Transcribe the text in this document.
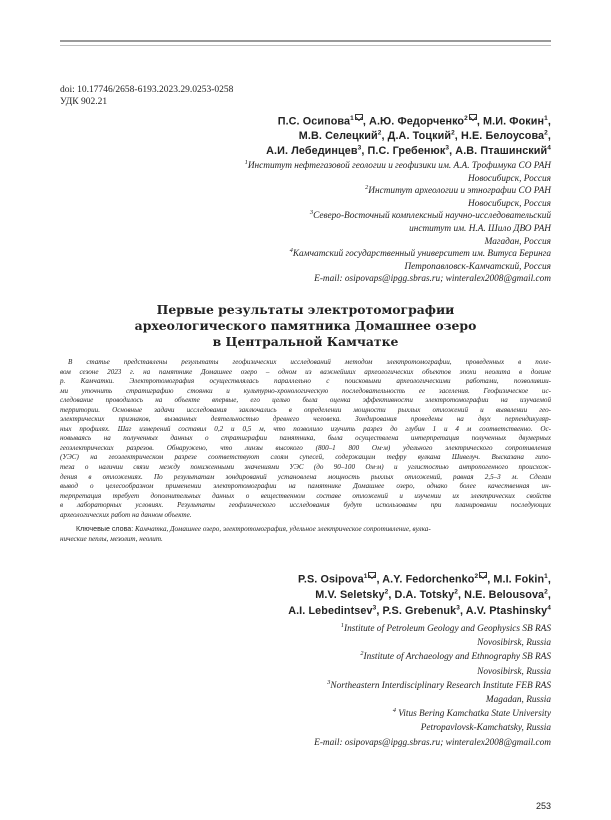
doi: 10.17746/2658-6193.2023.29.0253-0258
УДК 902.21
П.С. Осипова$^1$ , А.Ю. Федорченко$^2$ , М.И. Фокин$^1$,
М.В. Селецкий$^2$, Д.А. Тоцкий$^2$, Н.Е. Белоусова$^2$,
А.И. Лебединцев$^3$, П.С. Гребенюк$^3$, А.В. Пташинский$^4$
$^1$Институт нефтегазовой геологии и геофизики им. А.А. Трофимука СО РАН
Новосибирск, Россия
$^2$Институт археологии и этнографии СО РАН
Новосибирск, Россия
$^3$Северо-Восточный комплексный научно-исследовательский
институт им. Н.А. Шило ДВО РАН
Магадан, Россия
$^4$Камчатский государственный университет им. Витуса Беринга
Петропавловск-Камчатский, Россия
E-mail: osipovaps@ipgg.sbras.ru; winteralex2008@gmail.com
Первые результаты электротомографии
археологического памятника Домашнее озеро
в Центральной Камчатке
В статье представлены результаты геофизических исследований методом электротомографии, проведенных в поле-
вом сезоне 2023 г. на памятнике Домашнее озеро – одном из важнейших археологических объектов эпохи неолита в долине
р. Камчатки. Электротомография осуществлялась параллельно с поисковыми археологическими работами, позволивши-
ми уточнить стратиграфию стоянки и культурно-хронологическую последовательность ее заселения. Геофизическое ис-
следование проводилось на объекте впервые, его целью была оценка эффективности электротомографии на изучаемой
территории. Основные задачи исследования заключались в определении мощности рыхлых отложений и выявлении гео-
электрических признаков, вызванных деятельностью древнего человека. Зондирования проведены на двух перпендикуляр-
ных профилях. Шаг измерений составил 0,2 и 0,5 м, что позволило изучить разрез до глубин 1 и 4 м соответственно. Ос-
новываясь на полученных данных о стратиграфии памятника, была осуществлена интерпретация полученных двумерных
геоэлектрических разрезов. Обнаружено, что линзы высокого (800–1 800 Ом·м) удельного электрического сопротивления
(УЭС) на геоэлектрическом разрезе соответствуют слоям супесей, содержащим тефру вулкана Шивелуч. Высказана гипо-
теза о наличии связи между пониженными значениями УЭС (до 90–100 Ом·м) и углистостью антропогенного происхож-
дения в отложениях. По результатам зондирований установлена мощность рыхлых отложений, равная 2,5–3 м. Сделан
вывод о целесообразном применении электротомографии на памятнике Домашнее озеро, однако более качественная ин-
терпретация требует дополнительных данных о вещественном составе отложений и изучении их электрических свойств
в лабораторных условиях. Результаты геофизического исследования будут использованы при планировании последующих
археологических работ на данном объекте.
Ключевые слова: Камчатка, Домашнее озеро, электротомография, удельное электрическое сопротивление, вулка-
нические пеплы, мезолит, неолит.
P.S. Osipova$^1$ , A.Y. Fedorchenko$^2$ , M.I. Fokin$^1$,
M.V. Seletsky$^2$, D.A. Totsky$^2$, N.E. Belousova$^2$,
A.I. Lebedintsev$^3$, P.S. Grebenuk$^3$, A.V. Ptashinsky$^4$
$^1$Institute of Petroleum Geology and Geophysics SB RAS
Novosibirsk, Russia
$^2$Institute of Archaeology and Ethnography SB RAS
Novosibirsk, Russia
$^3$Northeastern Interdisciplinary Research Institute FEB RAS
Magadan, Russia
$^4$ Vitus Bering Kamchatka State University
Petropavlovsk-Kamchatsky, Russia
E-mail: osipovaps@ipgg.sbras.ru; winteralex2008@gmail.com
253
